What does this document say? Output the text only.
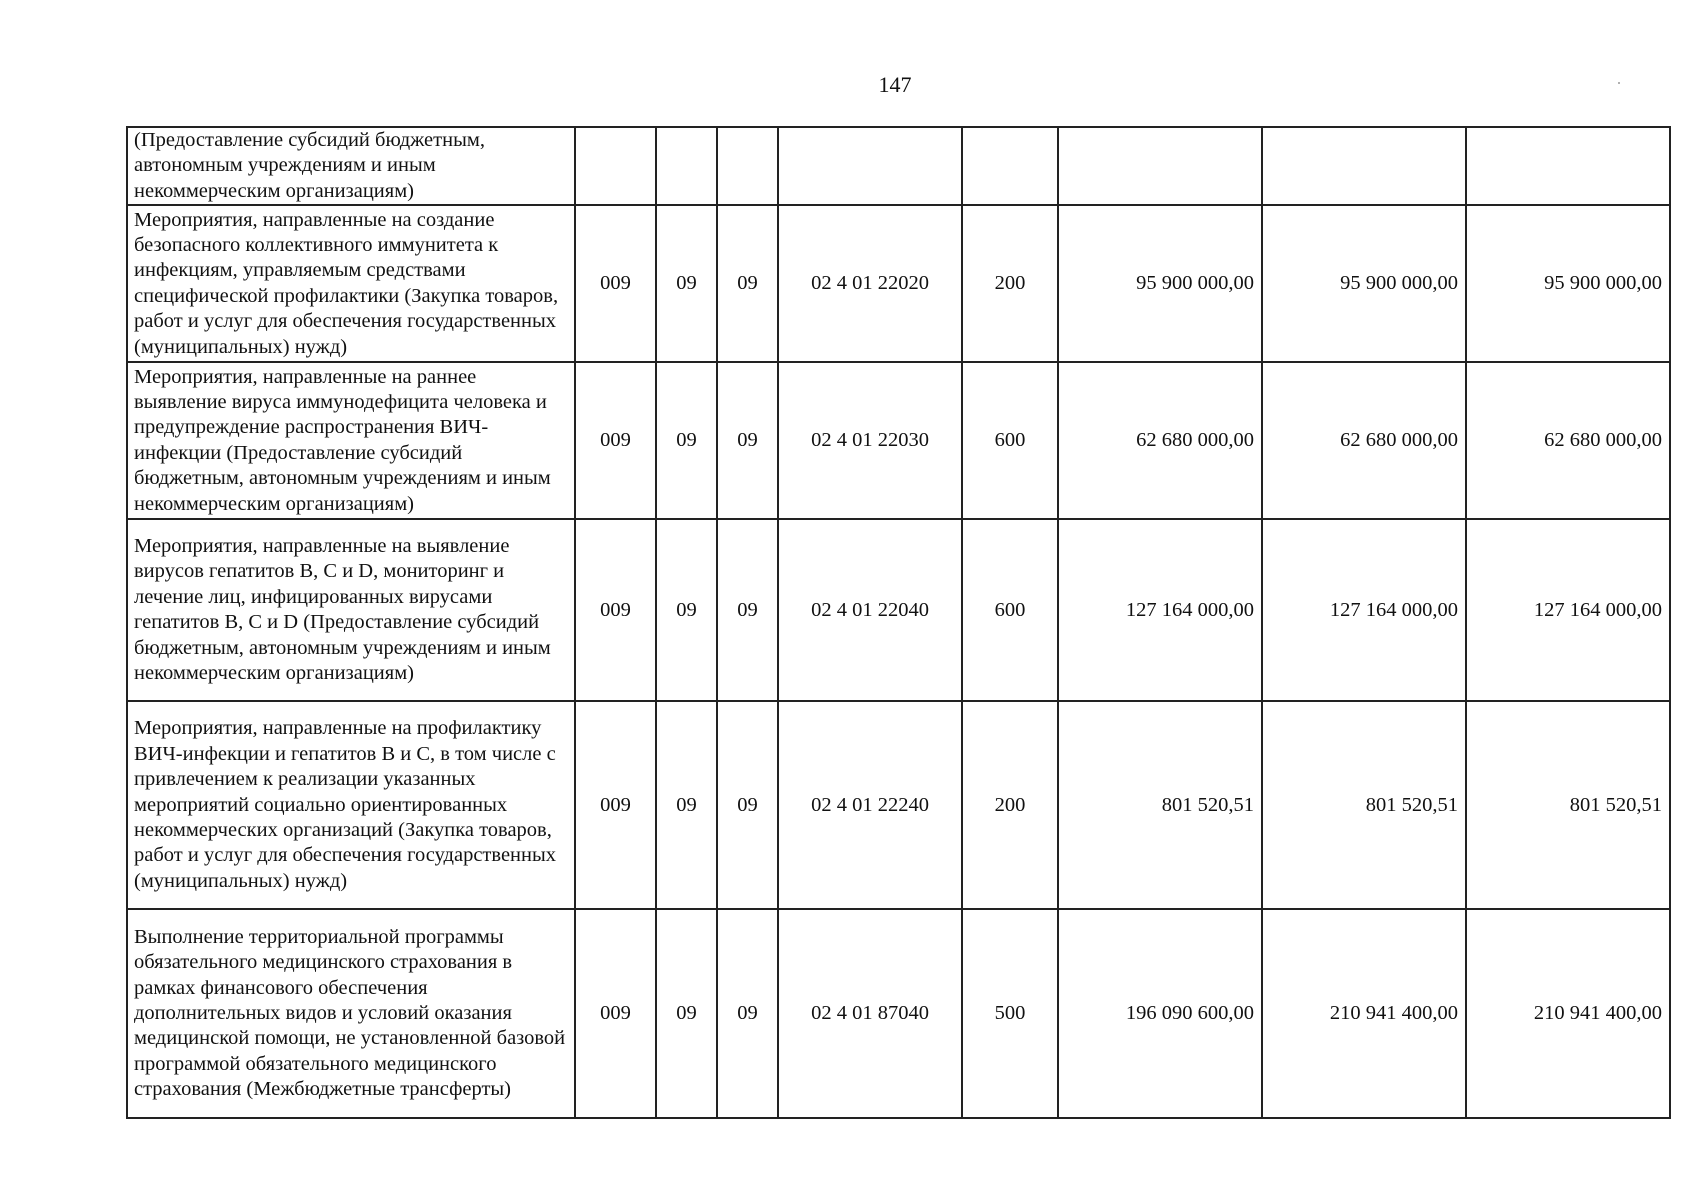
147
(Предоставление субсидий бюджетным, автономным учреждениям и иным некоммерческим организациям)								
Мероприятия, направленные на создание безопасного коллективного иммунитета к инфекциям, управляемым средствами специфической профилактики (Закупка товаров, работ и услуг для обеспечения государственных (муниципальных) нужд)	009	09	09	02 4 01 22020	200	95 900 000,00	95 900 000,00	95 900 000,00
Мероприятия, направленные на раннее выявление вируса иммунодефицита человека и предупреждение распространения ВИЧ-инфекции (Предоставление субсидий бюджетным, автономным учреждениям и иным некоммерческим организациям)	009	09	09	02 4 01 22030	600	62 680 000,00	62 680 000,00	62 680 000,00
Мероприятия, направленные на выявление вирусов гепатитов B, C и D, мониторинг и лечение лиц, инфицированных вирусами гепатитов B, C и D (Предоставление субсидий бюджетным, автономным учреждениям и иным некоммерческим организациям)	009	09	09	02 4 01 22040	600	127 164 000,00	127 164 000,00	127 164 000,00
Мероприятия, направленные на профилактику ВИЧ-инфекции и гепатитов B и C, в том числе с привлечением к реализации указанных мероприятий социально ориентированных некоммерческих организаций (Закупка товаров, работ и услуг для обеспечения государственных (муниципальных) нужд)	009	09	09	02 4 01 22240	200	801 520,51	801 520,51	801 520,51
Выполнение территориальной программы обязательного медицинского страхования в рамках финансового обеспечения дополнительных видов и условий оказания медицинской помощи, не установленной базовой программой обязательного медицинского страхования (Межбюджетные трансферты)	009	09	09	02 4 01 87040	500	196 090 600,00	210 941 400,00	210 941 400,00
